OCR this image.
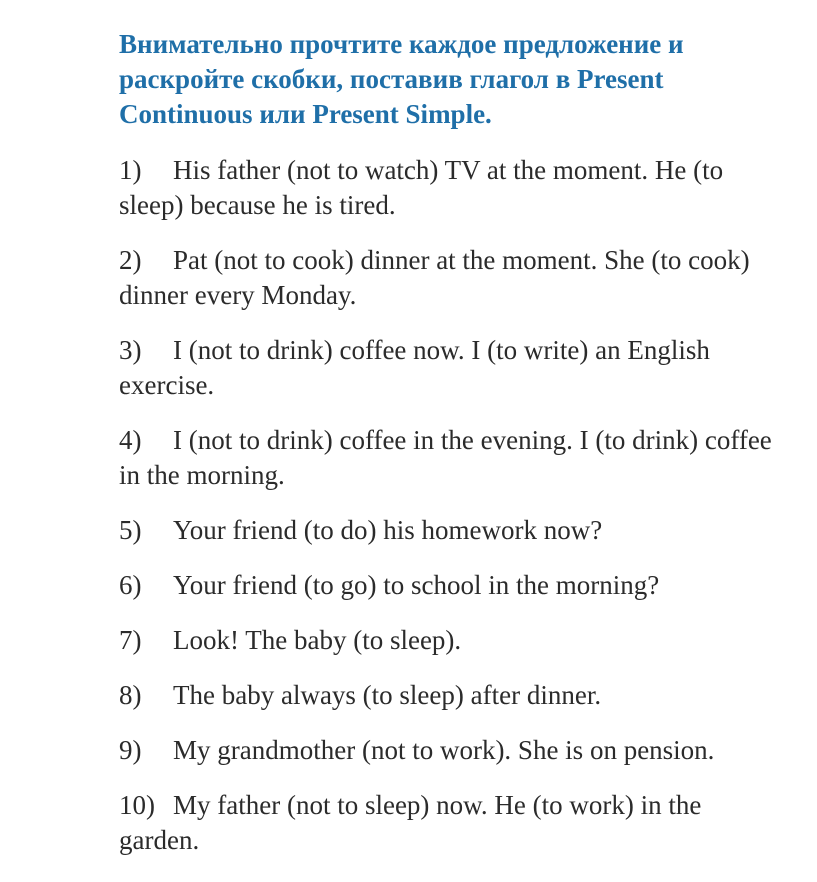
Внимательно прочтите каждое предложение и раскройте скобки, поставив глагол в Present Continuous или Present Simple.
1) His father (not to watch) TV at the moment. He (to sleep) because he is tired.
2) Pat (not to cook) dinner at the moment. She (to cook) dinner every Monday.
3) I (not to drink) coffee now. I (to write) an English exercise.
4) I (not to drink) coffee in the evening. I (to drink) coffee in the morning.
5) Your friend (to do) his homework now?
6) Your friend (to go) to school in the morning?
7) Look! The baby (to sleep).
8) The baby always (to sleep) after dinner.
9) My grandmother (not to work). She is on pension.
10) My father (not to sleep) now. He (to work) in the garden.
